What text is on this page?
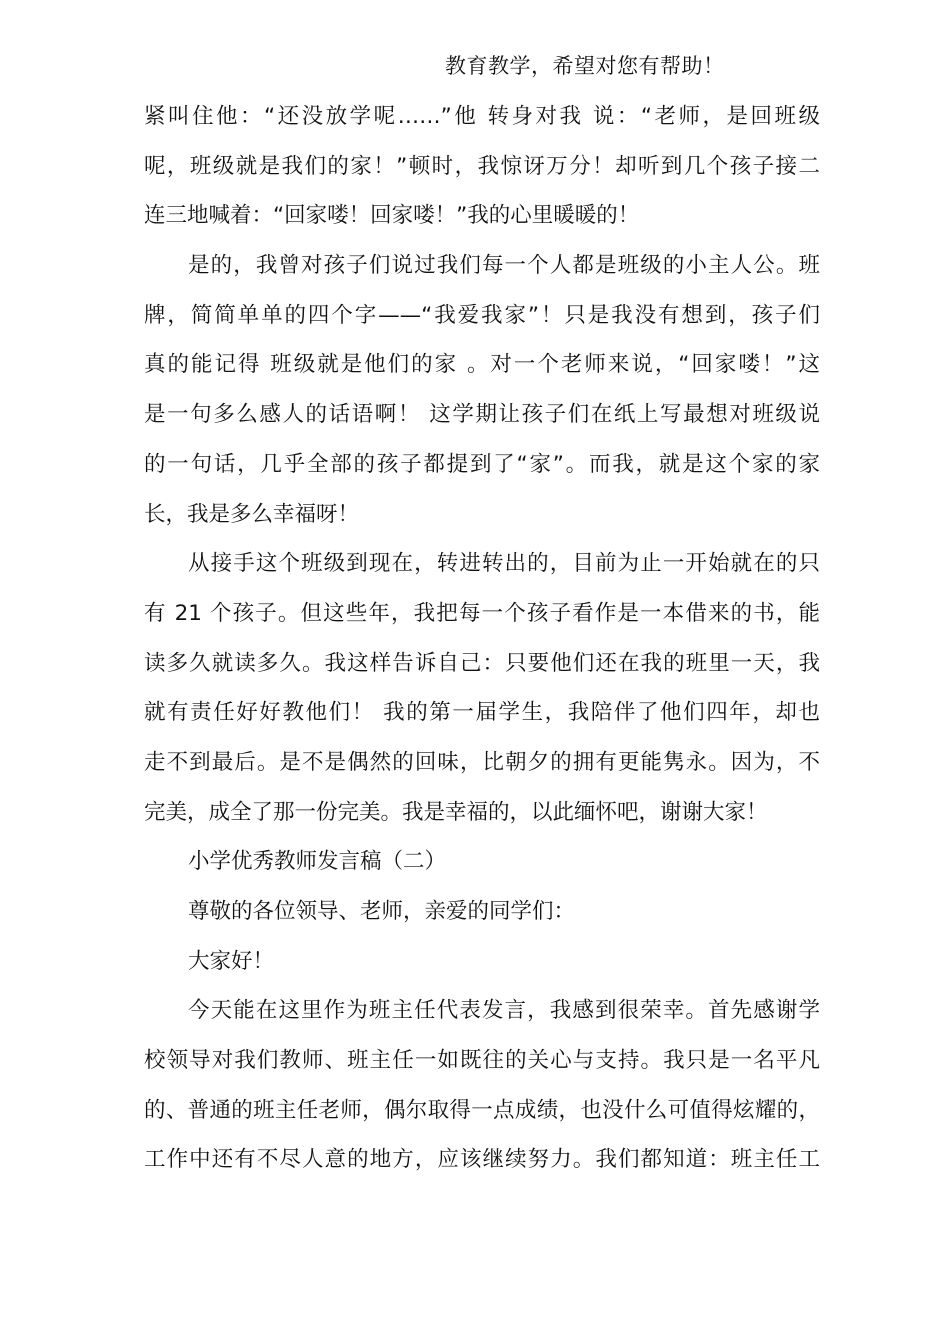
教育教学，希望对您有帮助！
紧叫住他：“还没放学呢……”他 转身对我 说：“老师，是回班级
呢，班级就是我们的家！”顿时，我惊讶万分！却听到几个孩子接二
连三地喊着：“回家喽！回家喽！”我的心里暖暖的！
是的，我曾对孩子们说过我们每一个人都是班级的小主人公。班
牌，简简单单的四个字——“我爱我家”！只是我没有想到，孩子们
真的能记得 班级就是他们的家 。对一个老师来说，“回家喽！”这
是一句多么感人的话语啊！ 这学期让孩子们在纸上写最想对班级说
的一句话，几乎全部的孩子都提到了“家”。而我，就是这个家的家
长，我是多么幸福呀！
从接手这个班级到现在，转进转出的，目前为止一开始就在的只
有 21 个孩子。但这些年，我把每一个孩子看作是一本借来的书，能
读多久就读多久。我这样告诉自己：只要他们还在我的班里一天，我
就有责任好好教他们！ 我的第一届学生，我陪伴了他们四年，却也
走不到最后。是不是偶然的回味，比朝夕的拥有更能隽永。因为，不
完美，成全了那一份完美。我是幸福的，以此缅怀吧，谢谢大家！
小学优秀教师发言稿（二）
尊敬的各位领导、老师，亲爱的同学们：
大家好！
今天能在这里作为班主任代表发言，我感到很荣幸。首先感谢学
校领导对我们教师、班主任一如既往的关心与支持。我只是一名平凡
的、普通的班主任老师，偶尔取得一点成绩，也没什么可值得炫耀的，
工作中还有不尽人意的地方，应该继续努力。我们都知道：班主任工
